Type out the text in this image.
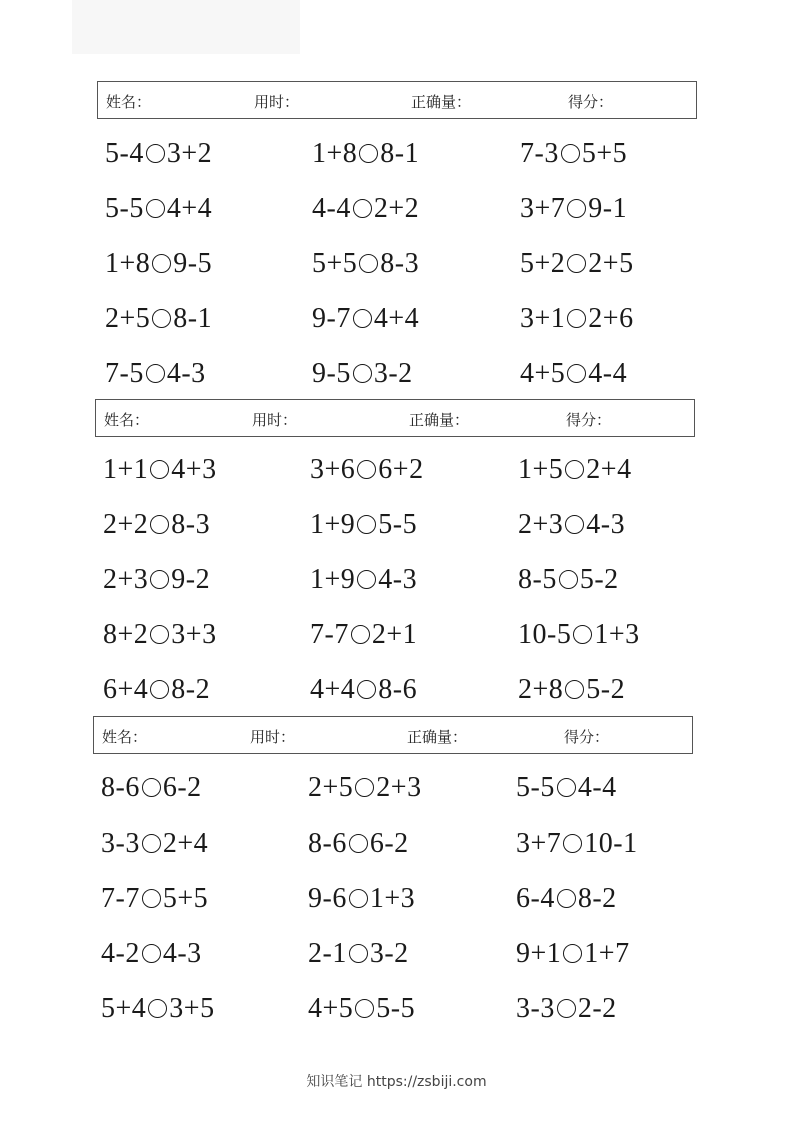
姓名：	用时：	正确量：	得分：
5-4 3+2	1+8 8-1	7-3 5+5
5-5 4+4	4-4 2+2	3+7 9-1
1+8 9-5	5+5 8-3	5+2 2+5
2+5 8-1	9-7 4+4	3+1 2+6
7-5 4-3	9-5 3-2	4+5 4-4
姓名：	用时：	正确量：	得分：
1+1 4+3	3+6 6+2	1+5 2+4
2+2 8-3	1+9 5-5	2+3 4-3
2+3 9-2	1+9 4-3	8-5 5-2
8+2 3+3	7-7 2+1	10-5 1+3
6+4 8-2	4+4 8-6	2+8 5-2
姓名：	用时：	正确量：	得分：
8-6 6-2	2+5 2+3	5-5 4-4
3-3 2+4	8-6 6-2	3+7 10-1
7-7 5+5	9-6 1+3	6-4 8-2
4-2 4-3	2-1 3-2	9+1 1+7
5+4 3+5	4+5 5-5	3-3 2-2
知识笔记 https://zsbiji.com
